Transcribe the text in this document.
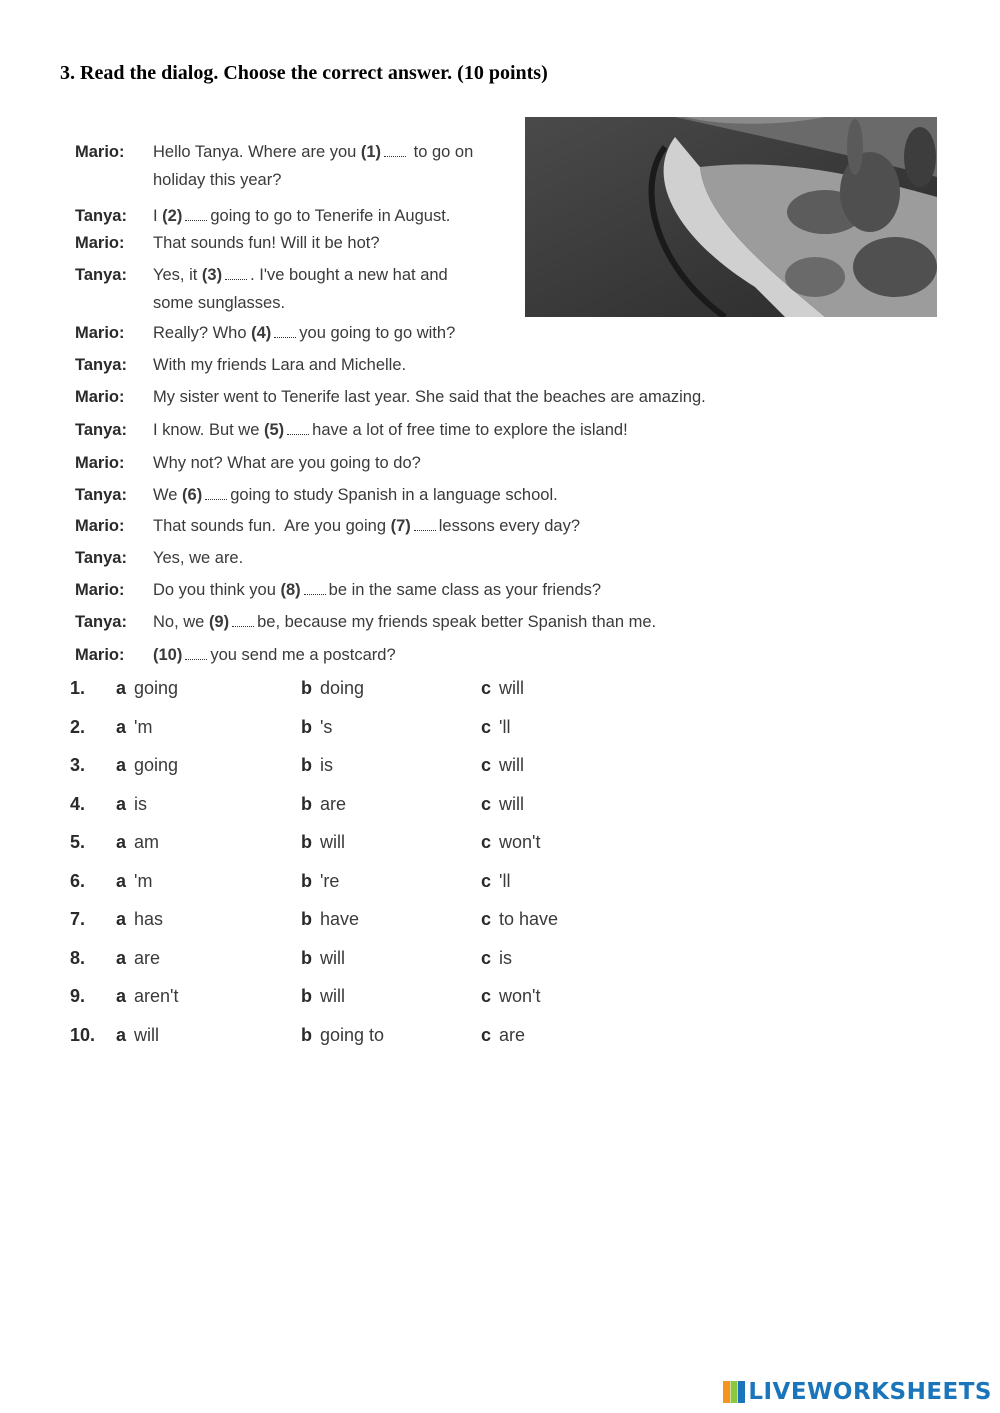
3. Read the dialog. Choose the correct answer. (10 points)
Mario: Hello Tanya. Where are you (1) to go on
holiday this year?
Tanya: I (2) going to go to Tenerife in August.
Mario: That sounds fun! Will it be hot?
Tanya: Yes, it (3) . I've bought a new hat and
some sunglasses.
Mario: Really? Who (4) you going to go with?
Tanya: With my friends Lara and Michelle.
Mario: My sister went to Tenerife last year. She said that the beaches are amazing.
Tanya: I know. But we (5) have a lot of free time to explore the island!
Mario: Why not? What are you going to do?
Tanya: We (6) going to study Spanish in a language school.
Mario: That sounds fun.  Are you going (7) lessons every day?
Tanya: Yes, we are.
Mario: Do you think you (8) be in the same class as your friends?
Tanya: No, we (9) be, because my friends speak better Spanish than me.
Mario: (10) you send me a postcard?
1. a going	b doing	c will
2. a 'm	b 's	c 'll
3. a going	b is	c will
4. a is	b are	c will
5. a am	b will	c won't
6. a 'm	b 're	c 'll
7. a has	b have	c to have
8. a are	b will	c is
9. a aren't	b will	c won't
10. a will	b going to	c are
LIVEWORKSHEETS
